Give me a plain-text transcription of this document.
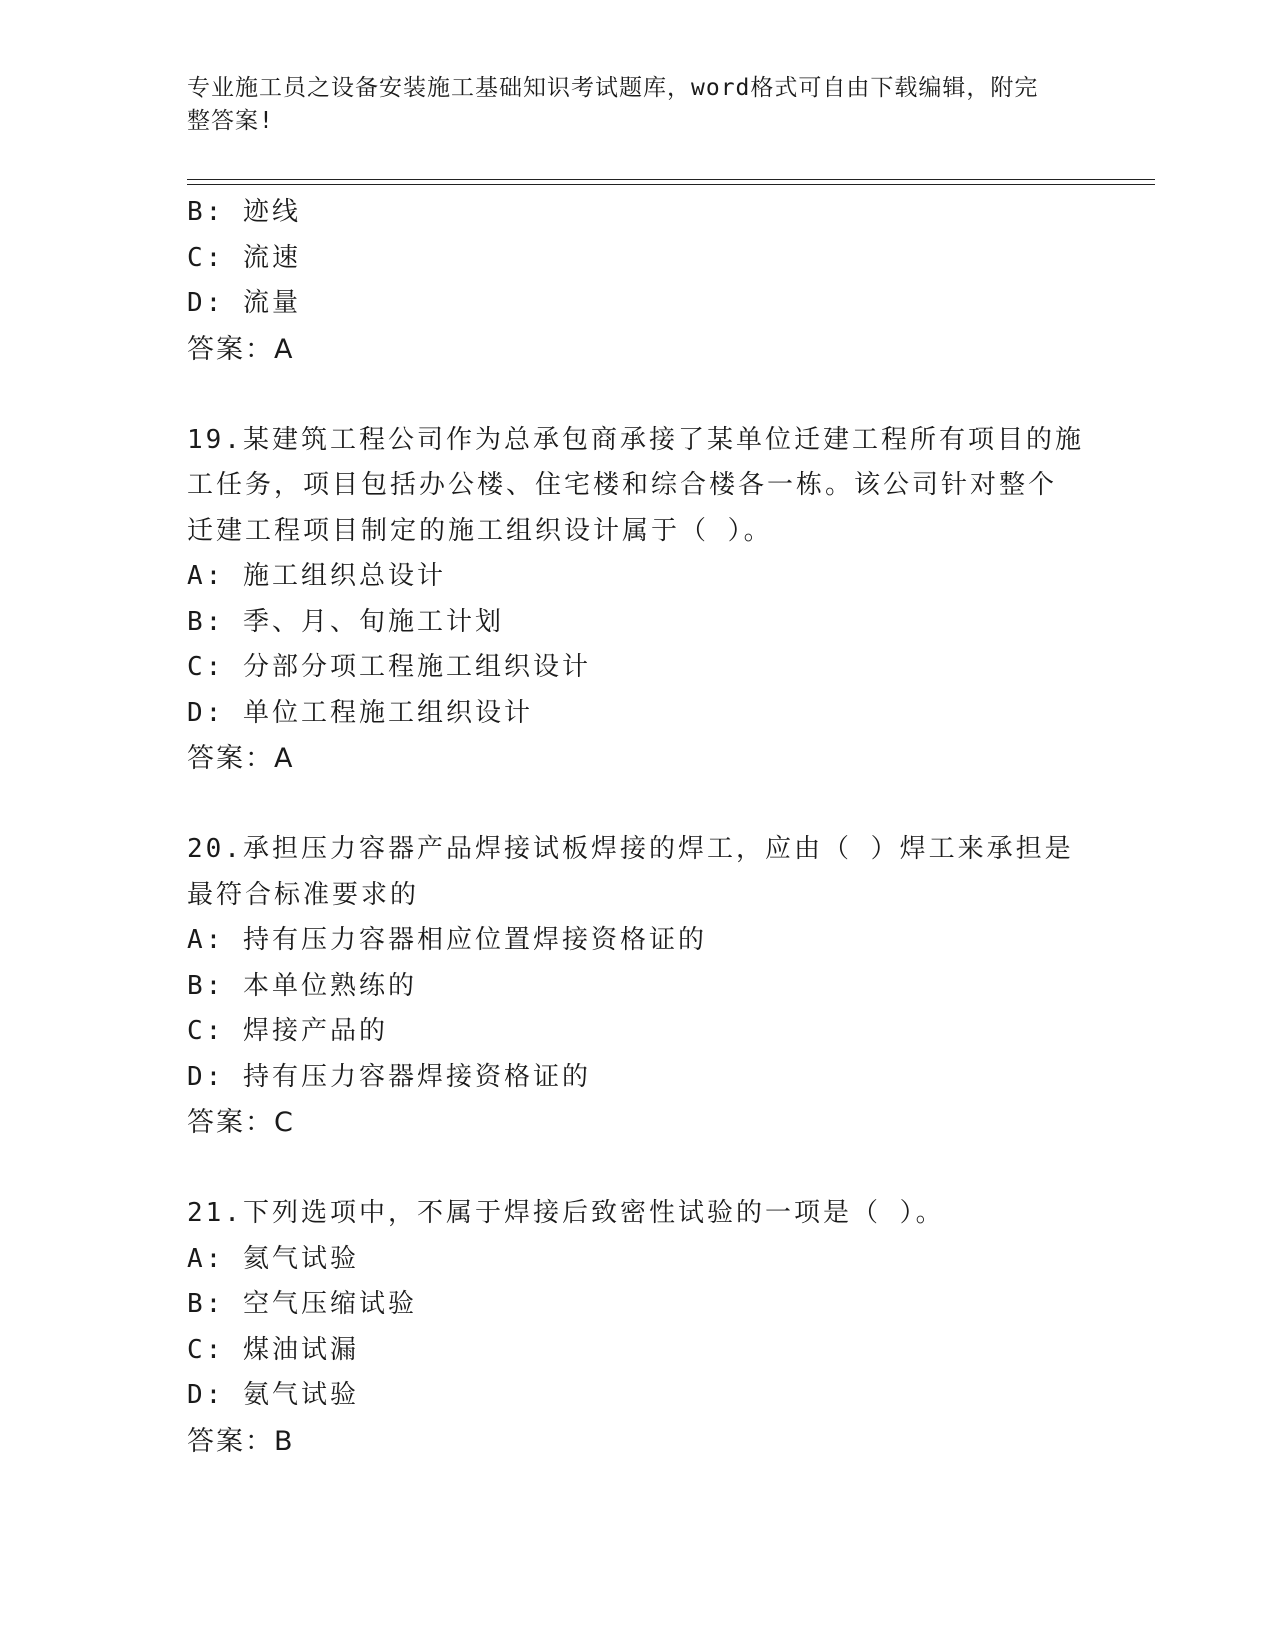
专业施工员之设备安装施工基础知识考试题库，word格式可自由下载编辑，附完
整答案!
B: 迹线
C: 流速
D: 流量
答案：A
19.某建筑工程公司作为总承包商承接了某单位迁建工程所有项目的施
工任务，项目包括办公楼、住宅楼和综合楼各一栋。该公司针对整个
迁建工程项目制定的施工组织设计属于（ ）。
A: 施工组织总设计
B: 季、月、旬施工计划
C: 分部分项工程施工组织设计
D: 单位工程施工组织设计
答案：A
20.承担压力容器产品焊接试板焊接的焊工，应由（ ）焊工来承担是
最符合标准要求的
A: 持有压力容器相应位置焊接资格证的
B: 本单位熟练的
C: 焊接产品的
D: 持有压力容器焊接资格证的
答案：C
21.下列选项中，不属于焊接后致密性试验的一项是（ ）。
A: 氦气试验
B: 空气压缩试验
C: 煤油试漏
D: 氨气试验
答案：B
